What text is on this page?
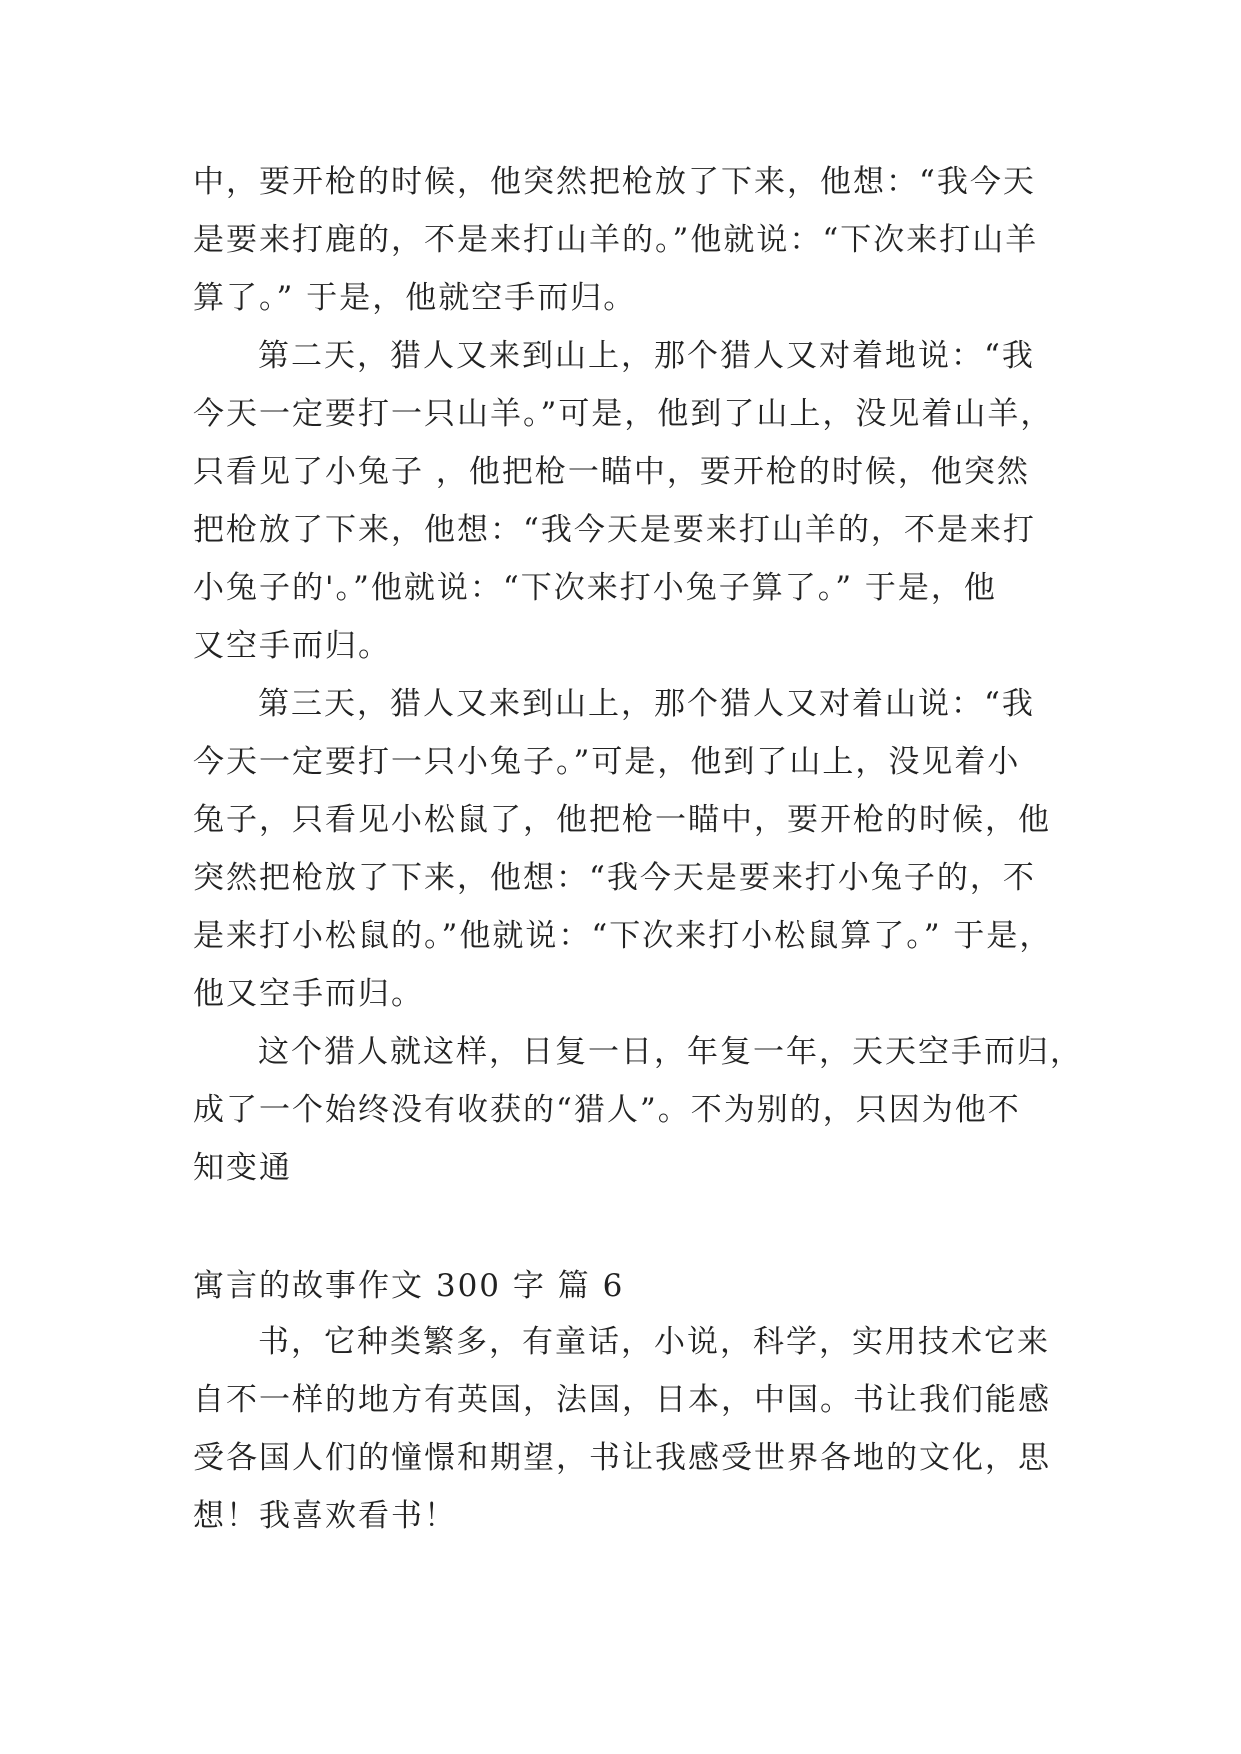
中，要开枪的时候，他突然把枪放了下来，他想：“我今天
是要来打鹿的，不是来打山羊的。”他就说：“下次来打山羊
算了。” 于是，他就空手而归。
第二天，猎人又来到山上，那个猎人又对着地说：“我
今天一定要打一只山羊。”可是，他到了山上，没见着山羊，
只看见了小兔子 ，他把枪一瞄中，要开枪的时候，他突然
把枪放了下来，他想：“我今天是要来打山羊的，不是来打
小兔子的'。”他就说：“下次来打小兔子算了。” 于是，他
又空手而归。
第三天，猎人又来到山上，那个猎人又对着山说：“我
今天一定要打一只小兔子。”可是，他到了山上，没见着小
兔子，只看见小松鼠了，他把枪一瞄中，要开枪的时候，他
突然把枪放了下来，他想：“我今天是要来打小兔子的，不
是来打小松鼠的。”他就说：“下次来打小松鼠算了。” 于是，
他又空手而归。
这个猎人就这样，日复一日，年复一年，天天空手而归，
成了一个始终没有收获的“猎人”。不为别的，只因为他不
知变通
寓言的故事作文 300 字 篇 6
书，它种类繁多，有童话，小说，科学，实用技术它来
自不一样的地方有英国，法国，日本，中国。书让我们能感
受各国人们的憧憬和期望，书让我感受世界各地的文化，思
想！我喜欢看书！
